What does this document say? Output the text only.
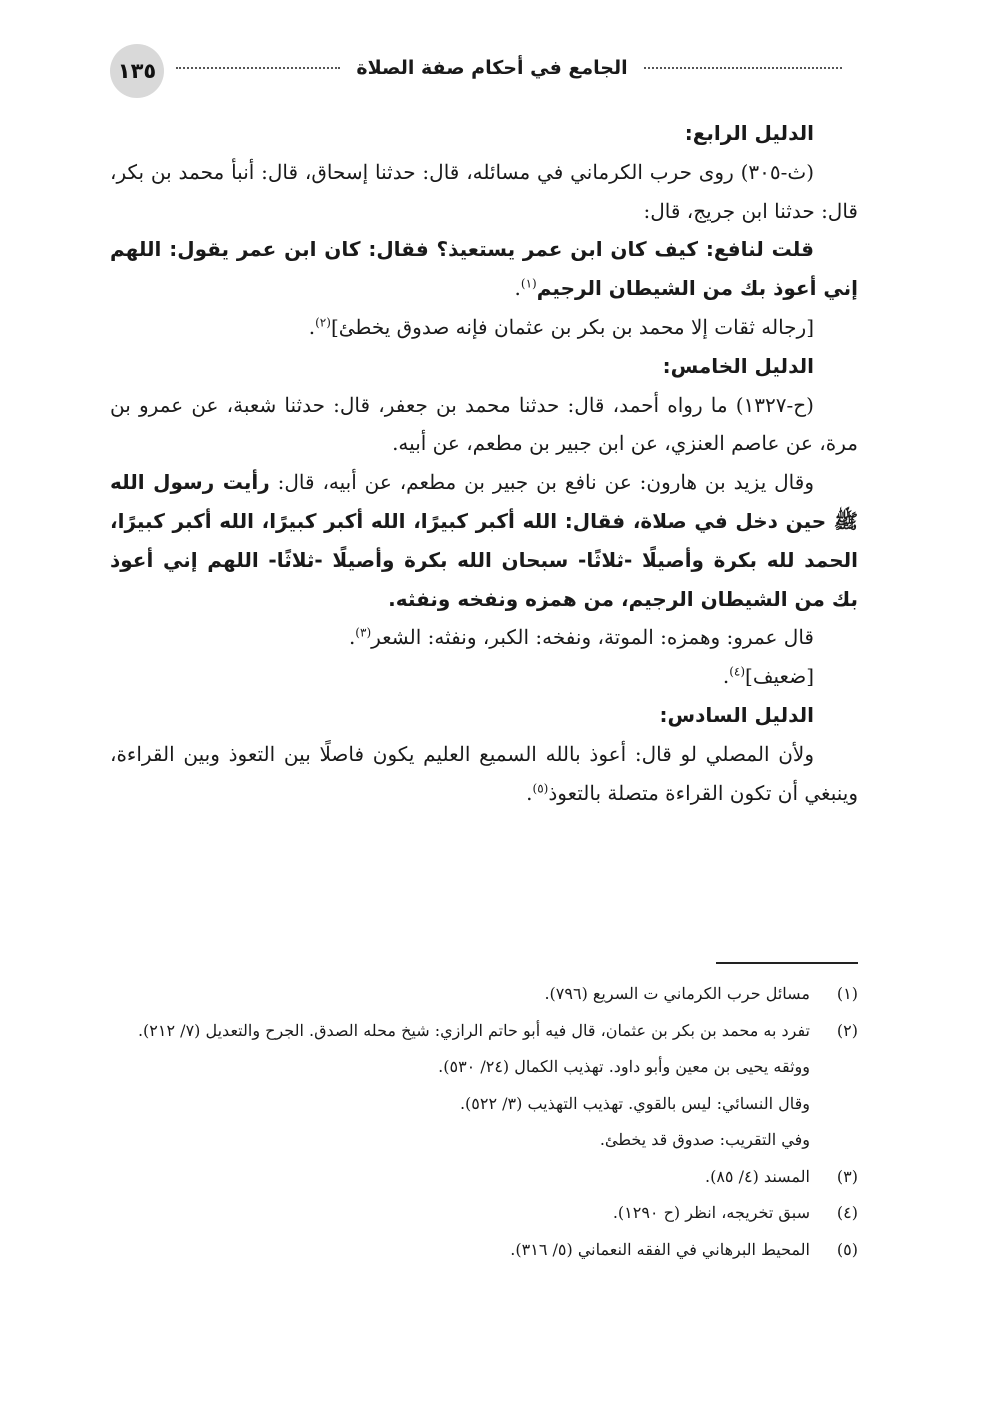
١٣٥	الجامع في أحكام صفة الصلاة

الدليل الرابع:

(ث-٣٠٥) روى حرب الكرماني في مسائله، قال: حدثنا إسحاق، قال: أنبأ محمد بن بكر، قال: حدثنا ابن جريج، قال:

قلت لنافع: كيف كان ابن عمر يستعيذ؟ فقال: كان ابن عمر يقول: اللهم إني أعوذ بك من الشيطان الرجيم$^{(١)}$.

[رجاله ثقات إلا محمد بن بكر بن عثمان فإنه صدوق يخطئ]$^{(٢)}$.

الدليل الخامس:

(ح-١٣٢٧) ما رواه أحمد، قال: حدثنا محمد بن جعفر، قال: حدثنا شعبة، عن عمرو بن مرة، عن عاصم العنزي، عن ابن جبير بن مطعم، عن أبيه.

وقال يزيد بن هارون: عن نافع بن جبير بن مطعم، عن أبيه، قال: رأيت رسول الله ﷺ حين دخل في صلاة، فقال: الله أكبر كبيرًا، الله أكبر كبيرًا، الله أكبر كبيرًا، الحمد لله بكرة وأصيلًا -ثلاثًا- سبحان الله بكرة وأصيلًا -ثلاثًا- اللهم إني أعوذ بك من الشيطان الرجيم، من همزه ونفخه ونفثه.

قال عمرو: وهمزه: الموتة، ونفخه: الكبر، ونفثه: الشعر$^{(٣)}$.

[ضعيف]$^{(٤)}$.

الدليل السادس:

ولأن المصلي لو قال: أعوذ بالله السميع العليم يكون فاصلًا بين التعوذ وبين القراءة، وينبغي أن تكون القراءة متصلة بالتعوذ$^{(٥)}$.

(١)
مسائل حرب الكرماني ت السريع (٧٩٦).
(٢)
تفرد به محمد بن بكر بن عثمان، قال فيه أبو حاتم الرازي: شيخ محله الصدق. الجرح والتعديل (٧/ ٢١٢).
ووثقه يحيى بن معين وأبو داود. تهذيب الكمال (٢٤/ ٥٣٠).
وقال النسائي: ليس بالقوي. تهذيب التهذيب (٣/ ٥٢٢).
وفي التقريب: صدوق قد يخطئ.
(٣)
المسند (٤/ ٨٥).
(٤)
سبق تخريجه، انظر (ح ١٢٩٠).
(٥)
المحيط البرهاني في الفقه النعماني (٥/ ٣١٦).
